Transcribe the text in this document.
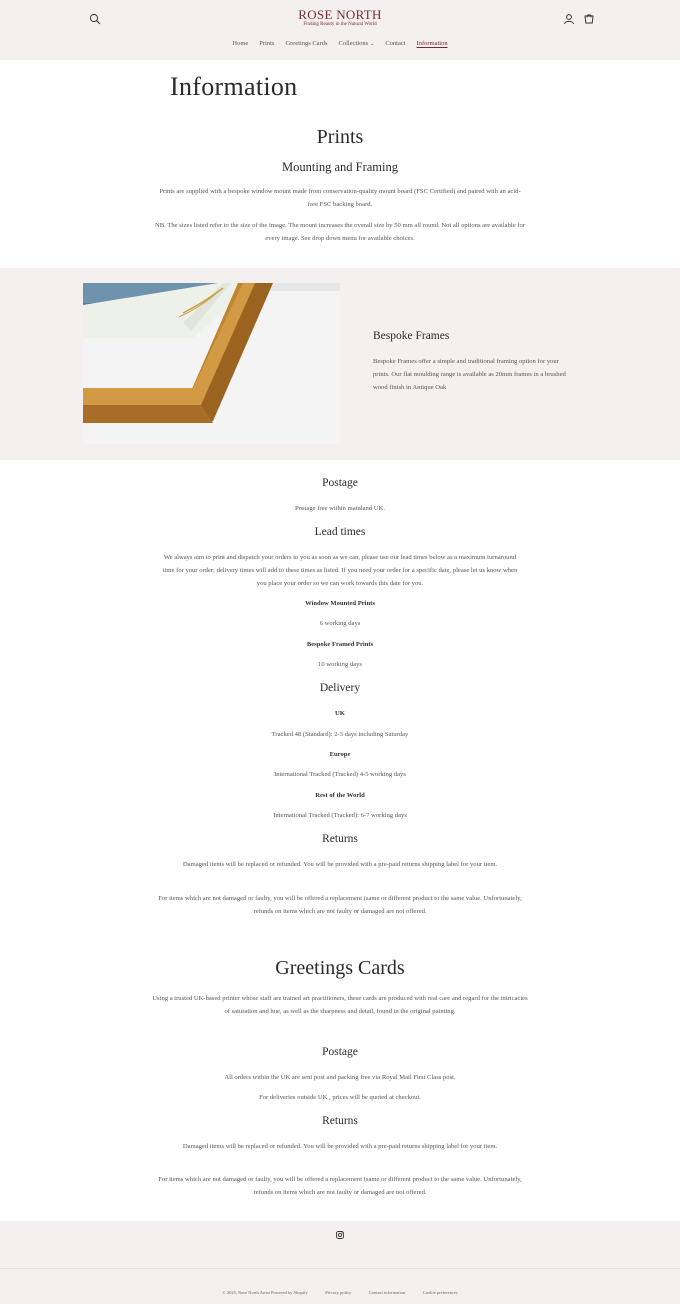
ROSE NORTH
Finding Beauty in the Natural World
Home Prints Greetings Cards Collections ⌄ Contact Information
Information
Prints
Mounting and Framing
Prints are supplied with a bespoke window mount made from conservation-quality mount board (FSC Certified) and paired with an acid-free FSC backing board.
NB. The sizes listed refer to the size of the image. The mount increases the overall size by 50 mm all round. Not all options are available for every image. See drop down menu for available choices.
Bespoke Frames
Bespoke Frames offer a simple and traditional framing option for your prints. Our flat moulding range is available as 20mm frames in a brushed wood finish in Antique Oak
Postage
Postage free within mainland UK.
Lead times
We always aim to print and dispatch your orders to you as soon as we can, please use our lead times below as a maximum turnaround time for your order; delivery times will add to these times as listed. If you need your order for a specific date, please let us know when you place your order so we can work towards this date for you.
Window Mounted Prints
6 working days
Bespoke Framed Prints
10 working days
Delivery
UK
Tracked 48 (Standard): 2-3 days including Saturday
Europe
International Tracked (Tracked) 4-5 working days
Rest of the World
International Tracked (Tracked): 6-7 working days
Returns
Damaged items will be replaced or refunded. You will be provided with a pre-paid returns shipping label for your item.
For items which are not damaged or faulty, you will be offered a replacement (same or different product to the same value. Unfortunately, refunds on items which are not faulty or damaged are not offered.
Greetings Cards
Using a trusted UK-based printer whose staff are trained art practitioners, these cards are produced with real care and regard for the intricacies of saturation and hue, as well as the sharpness and detail, found in the original painting.
Postage
All orders within the UK are sent post and packing free via Royal Mail First Class post.
For deliveries outside UK , prices will be quoted at checkout.
Returns
Damaged items will be replaced or refunded. You will be provided with a pre-paid returns shipping label for your item.
For items which are not damaged or faulty, you will be offered a replacement (same or different product to the same value. Unfortunately, refunds on items which are not faulty or damaged are not offered.
© 2025, Rose North Artist Powered by Shopify · Privacy policy · Contact information · Cookie preferences
